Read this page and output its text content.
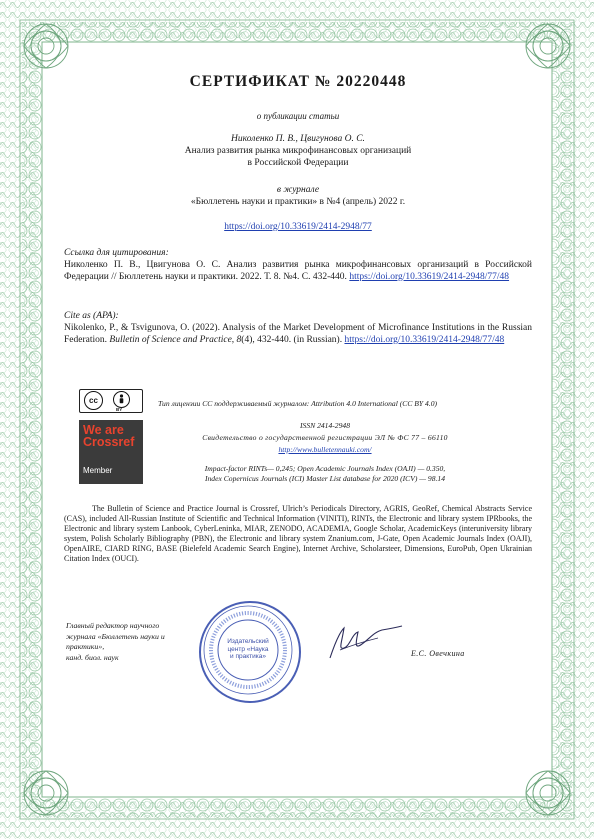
СЕРТИФИКАТ № 20220448
о публикации статьи
Николенко П. В., Цвигунова О. С.
Анализ развития рынка микрофинансовых организаций
в Российской Федерации
в журнале
«Бюллетень науки и практики» в №4 (апрель) 2022 г.
https://doi.org/10.33619/2414-2948/77
Ссылка для цитирования:
Николенко П. В., Цвигунова О. С. Анализ развития рынка микрофинансовых организаций в Российской Федерации // Бюллетень науки и практики. 2022. Т. 8. №4. С. 432-440. https://doi.org/10.33619/2414-2948/77/48
Cite as (APA):
Nikolenko, P., & Tsvigunova, O. (2022). Analysis of the Market Development of Microfinance Institutions in the Russian Federation. Bulletin of Science and Practice, 8(4), 432-440. (in Russian). https://doi.org/10.33619/2414-2948/77/48
cc
BY
Тип лицензии CC поддерживаемый журналом: Attribution 4.0 International (CC BY 4.0)
We are
Crossref
Member
ISSN 2414-2948
Свидетельство о государственной регистрации ЭЛ № ФС 77 – 66110
http://www.bulletennauki.com/
Impact-factor RINTs— 0,245; Open Academic Journals Index (OAJI) — 0.350,
Index Copernicus Journals (ICI) Master List database for 2020 (ICV) — 98.14
The Bulletin of Science and Practice Journal is Crossref, Ulrich’s Periodicals Directory, AGRIS, GeoRef, Chemical Abstracts Service (CAS), included All-Russian Institute of Scientific and Technical Information (VINITI), RINTs, the Electronic and library system IPRbooks, the Electronic and library system Lanbook, CyberLeninka, MIAR, ZENODO, ACADEMIA, Google Scholar, AcademicKeys (interuniversity library system, Polish Scholarly Bibliography (PBN), the Electronic and library system Znanium.com, J-Gate, Open Academic Journals Index (OAJI), OpenAIRE, CIARD RING, BASE (Bielefeld Academic Search Engine), Internet Archive, Scholarsteer, Dimensions, EuroPub, Open Ukrainian Citation Index (OUCI).
Главный редактор научного
журнала «Бюллетень науки и
практики»,
канд. биол. наук
Издательский
центр «Наука
и практика»	Е.С. Овечкина
